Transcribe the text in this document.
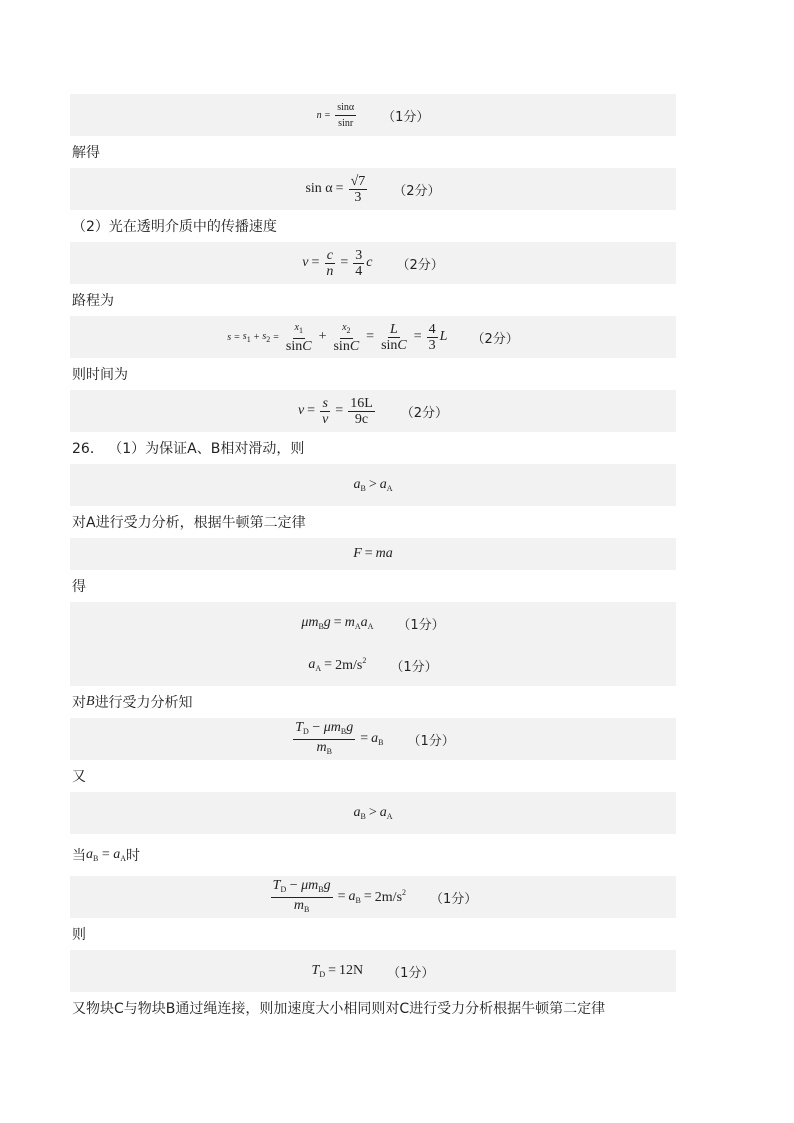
$n = \frac{\sin\alpha}{\sin r} (1$分）
解得
$\sin \alpha = \frac{√7}{3} (2$分）
（2）光在透明介质中的传播速度
$v = \frac{c}{n} = \frac{3}{4}$ c （2分）
路程为
$s = s_1 + s_2 = \frac{x_1}{\sin C} + \frac{x_2}{\sin C} = \frac{L}{\sin C} = \frac{4}{3}$ L （2分）
则时间为
$v = \frac{s}{v} = \frac{16L}{9c} (2$分）
26． （1）为保证A、B相对滑动，则
$a_B > a_A$
对A进行受力分析，根据牛顿第二定律
F = ma
得
$\mu m_Bg = m_Aa_A$ （1分）
$a_A = 2m/s^2$ （1分）
对 B 进行受力分析知
$\frac{T_D - \mu m_Bg}{m_B} = a_B$ （1分）
又
$a_B > a_A$
当 $a_B = a_A$ 时
$\frac{T_D - \mu m_Bg}{m_B} = a_B = 2m/s^2$ （1分）
则
$T_D = 12N$ （1分）
又物块C与物块B通过绳连接，则加速度大小相同则对C进行受力分析根据牛顿第二定律
